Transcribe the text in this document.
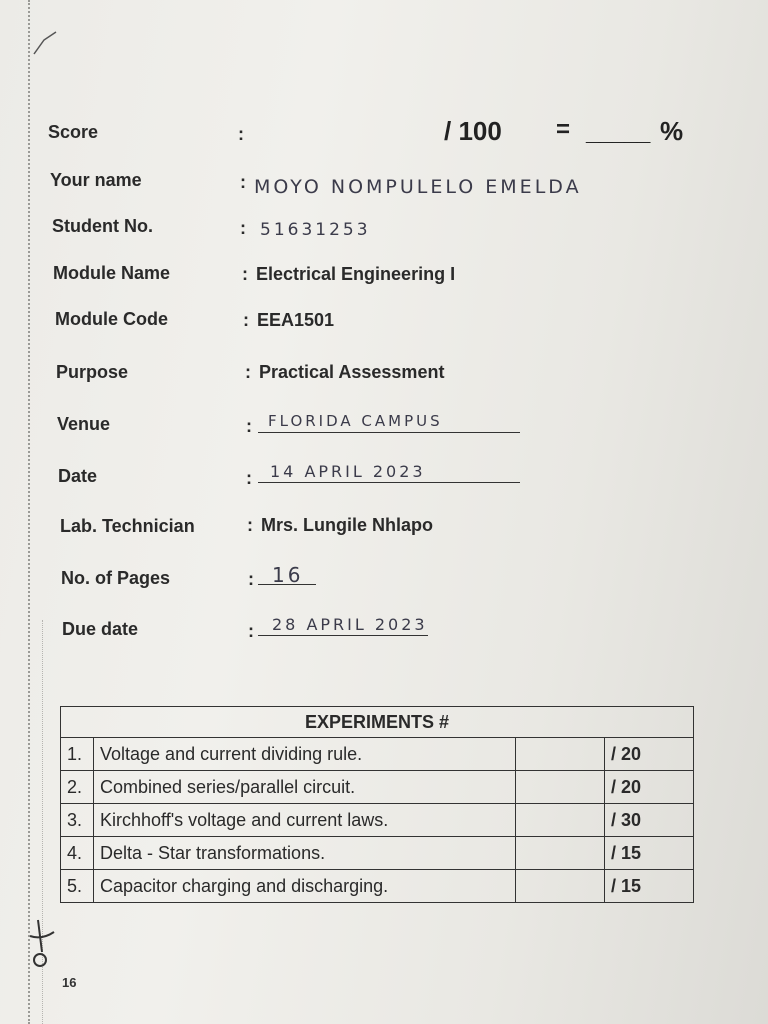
Score	:	/ 100 = _____ %
Your name	: MOYO NOMPULELO EMELDA
Student No.	: 51631253
Module Name	: Electrical Engineering I
Module Code	: EEA1501
Purpose	: Practical Assessment
Venue	: FLORIDA CAMPUS
Date	: 14 APRIL 2023
Lab. Technician	: Mrs. Lungile Nhlapo
No. of Pages	: 16
Due date	: 28 APRIL 2023
EXPERIMENTS #			
1.	Voltage and current dividing rule.		/ 20
2.	Combined series/parallel circuit.		/ 20
3.	Kirchhoff's voltage and current laws.		/ 30
4.	Delta - Star transformations.		/ 15
5.	Capacitor charging and discharging.		/ 15
16
